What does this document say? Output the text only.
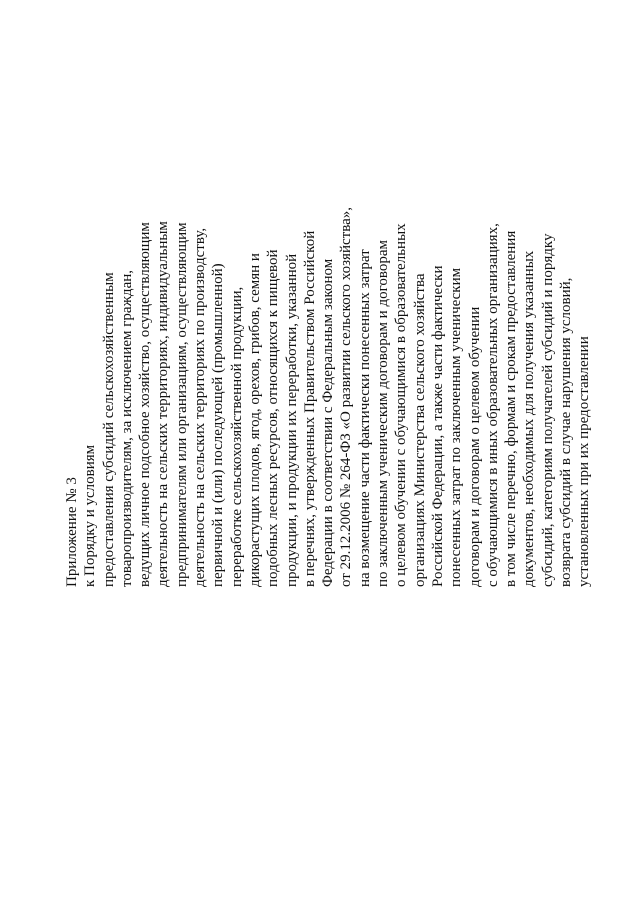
Приложение № 3 к Порядку и условиям предоставления субсидий сельскохозяйственным товаропроизводителям, за исключением граждан, ведущих личное подсобное хозяйство, осуществляющим деятельность на сельских территориях, индивидуальным предпринимателям или организациям, осуществляющим деятельность на сельских территориях по производству, первичной и (или) последующей (промышленной) переработке сельскохозяйственной продукции, дикорастущих плодов, ягод, орехов, грибов, семян и подобных лесных ресурсов, относящихся к пищевой продукции, и продукции их переработки, указанной в перечнях, утвержденных Правительством Российской Федерации в соответствии с Федеральным законом от 29.12.2006 № 264-ФЗ «О развитии сельского хозяйства», на возмещение части фактически понесенных затрат по заключенным ученическим договорам и договорам о целевом обучении с обучающимися в образовательных организациях Министерства сельского хозяйства Российской Федерации, а также части фактически понесенных затрат по заключенным ученическим договорам и договорам о целевом обучении с обучающимися в иных образовательных организациях, в том числе перечню, формам и срокам предоставления документов, необходимых для получения указанных субсидий, категориям получателей субсидий и порядку возврата субсидий в случае нарушения условий, установленных при их предоставлении
